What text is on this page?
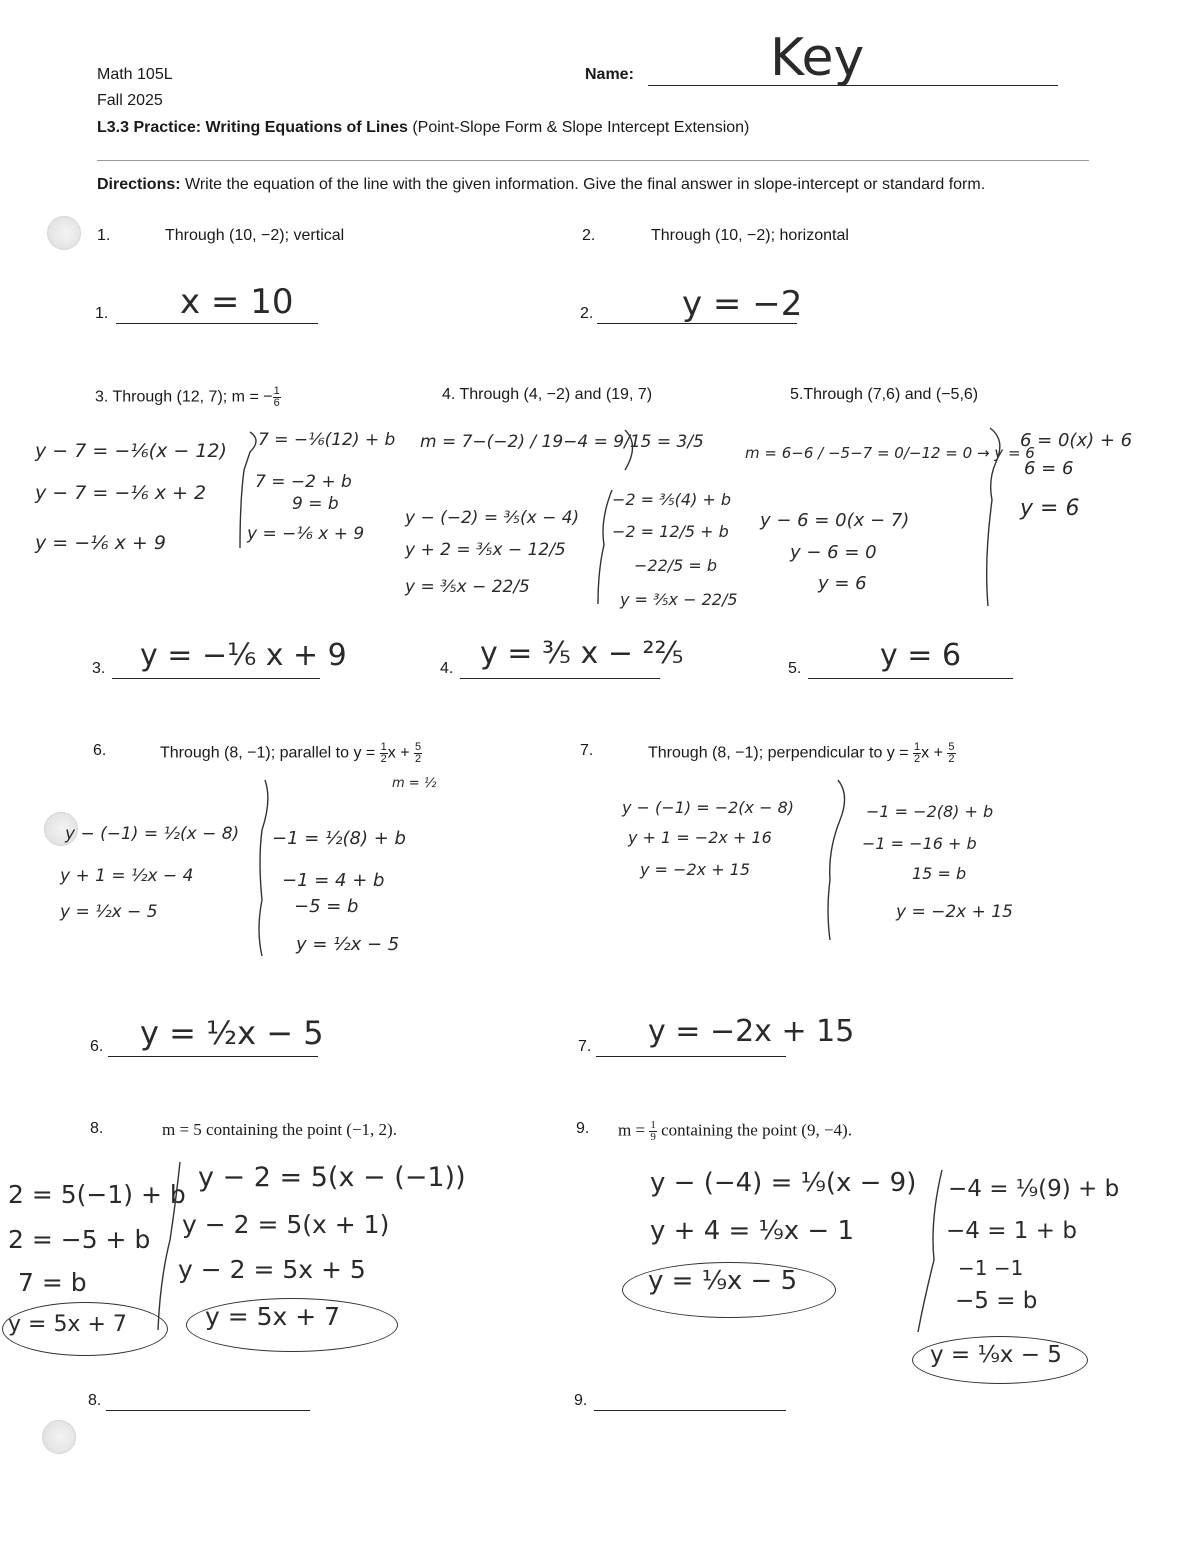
Math 105L
Fall 2025
Name:	Key
L3.3 Practice: Writing Equations of Lines (Point-Slope Form & Slope Intercept Extension)
Directions: Write the equation of the line with the given information. Give the final answer in slope-intercept or standard form.
1.	Through (10, −2); vertical	2.	Through (10, −2); horizontal
1. x = 10	2.	y = −2
3. Through (12, 7); m = − $\frac{1}{6}$
y − 7 = −⅙(x − 12)
y − 7 = −⅙ x + 2
y = −⅙ x + 9
7 = −⅙(12) + b
7 = −2 + b
9 = b
y = −⅙ x + 9
3. y = −⅙ x + 9
4. Through (4, −2) and (19, 7)
m = 7−(−2) / 19−4 = 9/15 = 3/5
y − (−2) = ⅗(x − 4)
y + 2 = ⅗x − 12/5
y = ⅗x − 22/5
−2 = ⅗(4) + b
−2 = 12/5 + b
−22/5 = b
y = ⅗x − 22/5
4. y = ³⁄₅ x − ²²⁄₅
5.Through (7,6) and (−5,6)
m = 6−6 / −5−7 = 0/−12 = 0 → y = 6
y − 6 = 0(x − 7)
y − 6 = 0
y = 6
6 = 0(x) + 6
6 = 6
y = 6
5.	y = 6
6.	Through (8, −1); parallel to $y = \frac{1}{2}$ $x + \frac{5}{2}$
m = ½
y − (−1) = ½(x − 8)
y + 1 = ½x − 4
y = ½x − 5
−1 = ½(8) + b
−1 = 4 + b
−5 = b
y = ½x − 5
6. y = ½x − 5
7.	Through (8, −1); perpendicular to $y = \frac{1}{2}$ $x + \frac{5}{2}$
y − (−1) = −2(x − 8)
y + 1 = −2x + 16
y = −2x + 15
−1 = −2(8) + b
−1 = −16 + b
15 = b
y = −2x + 15
7. y = −2x + 15
8.	m = 5 containing the point (−1, 2).
2 = 5(−1) + b
2 = −5 + b
7 = b
y = 5x + 7
y − 2 = 5(x − (−1))
y − 2 = 5(x + 1)
y − 2 = 5x + 5
y = 5x + 7
8.
9. $m = \frac{1}{9}$ containing the point (9, −4).
y − (−4) = ⅑(x − 9)
y + 4 = ⅑x − 1
y = ⅑x − 5
−4 = ⅑(9) + b
−4 = 1 + b
−1 −1
−5 = b
y = ⅑x − 5
9.
